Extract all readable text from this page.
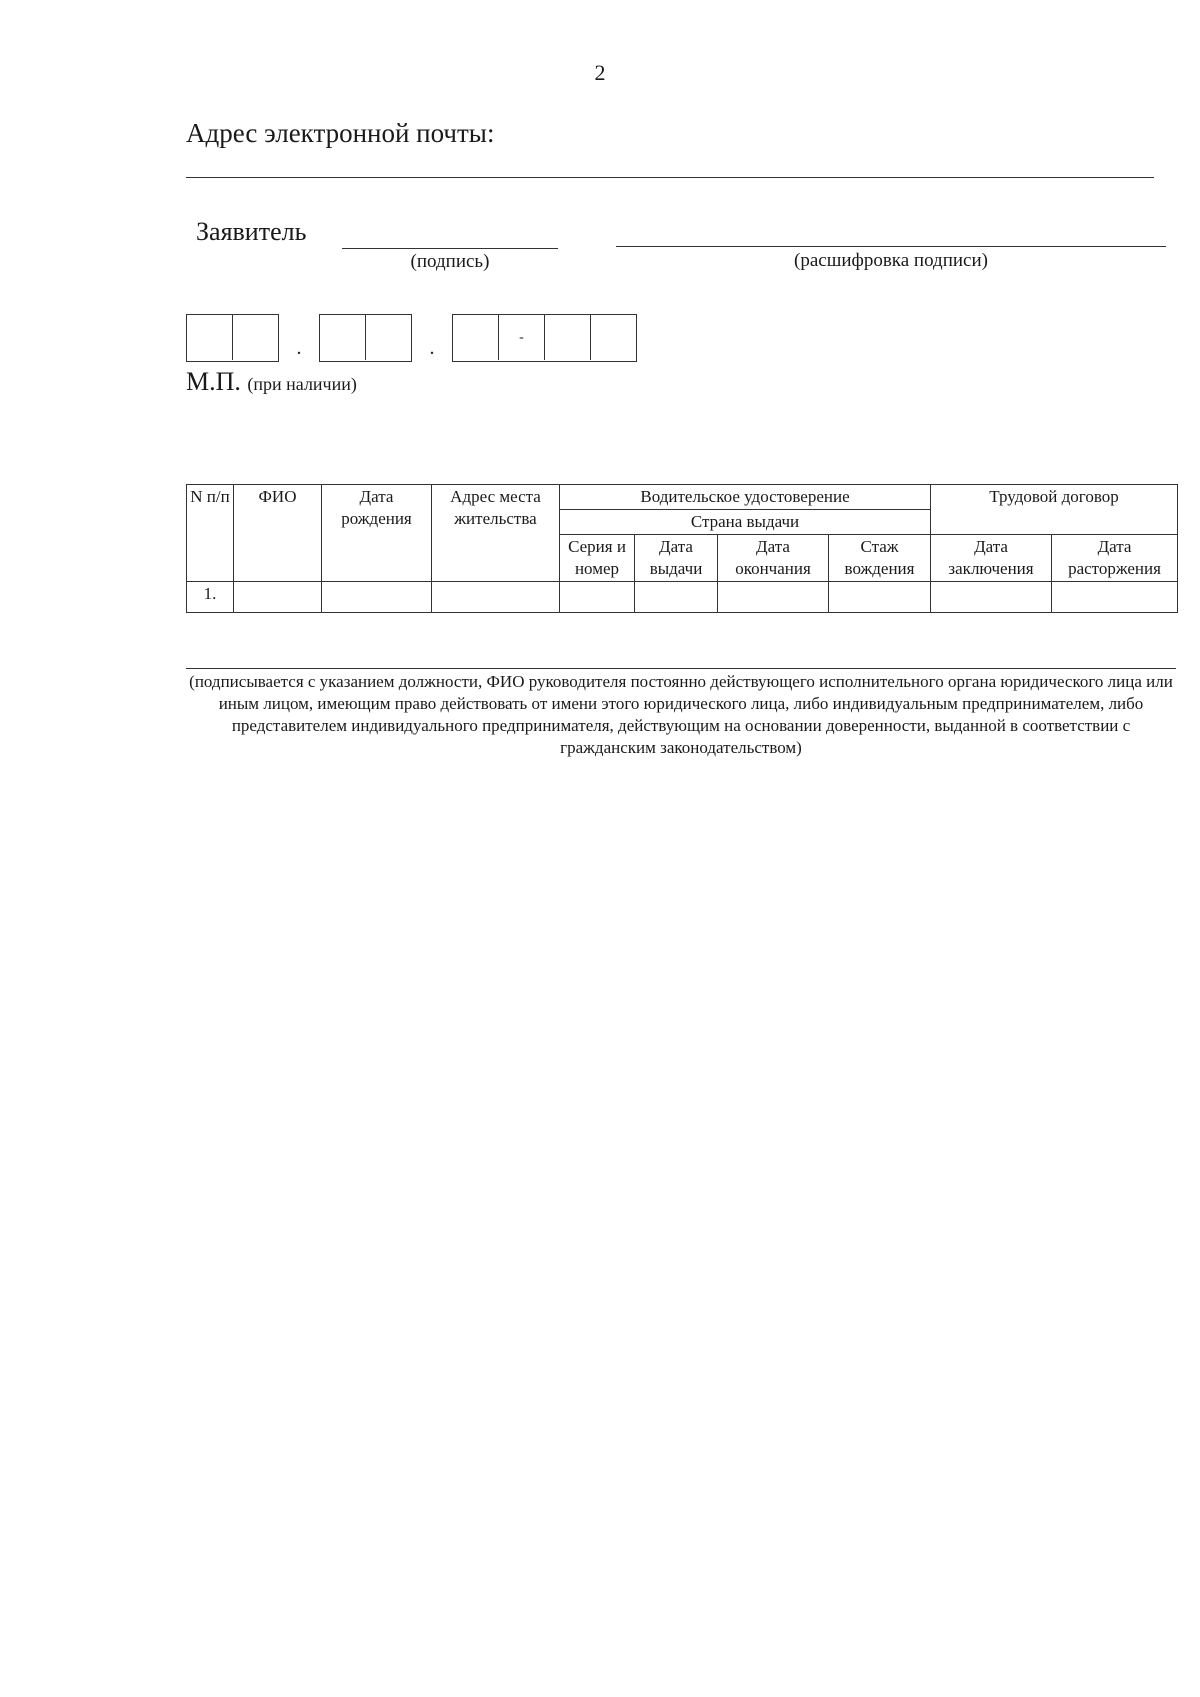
2
Адрес электронной почты:
Заявитель
(подпись)	(расшифровка подписи)
.	.	-
М.П. (при наличии)
N п/п	ФИО	Дата рождения	Адрес места жительства	Водительское удостоверение				Трудовой договор	
				Страна выдачи					
				Серия и номер	Дата выдачи	Дата окончания	Стаж вождения	Дата заключения	Дата расторжения
1.									
(подписывается с указанием должности, ФИО руководителя постоянно действующего исполнительного органа юридического лица или иным лицом, имеющим право действовать от имени этого юридического лица, либо индивидуальным предпринимателем, либо представителем индивидуального предпринимателя, действующим на основании доверенности, выданной в соответствии с гражданским законодательством)
